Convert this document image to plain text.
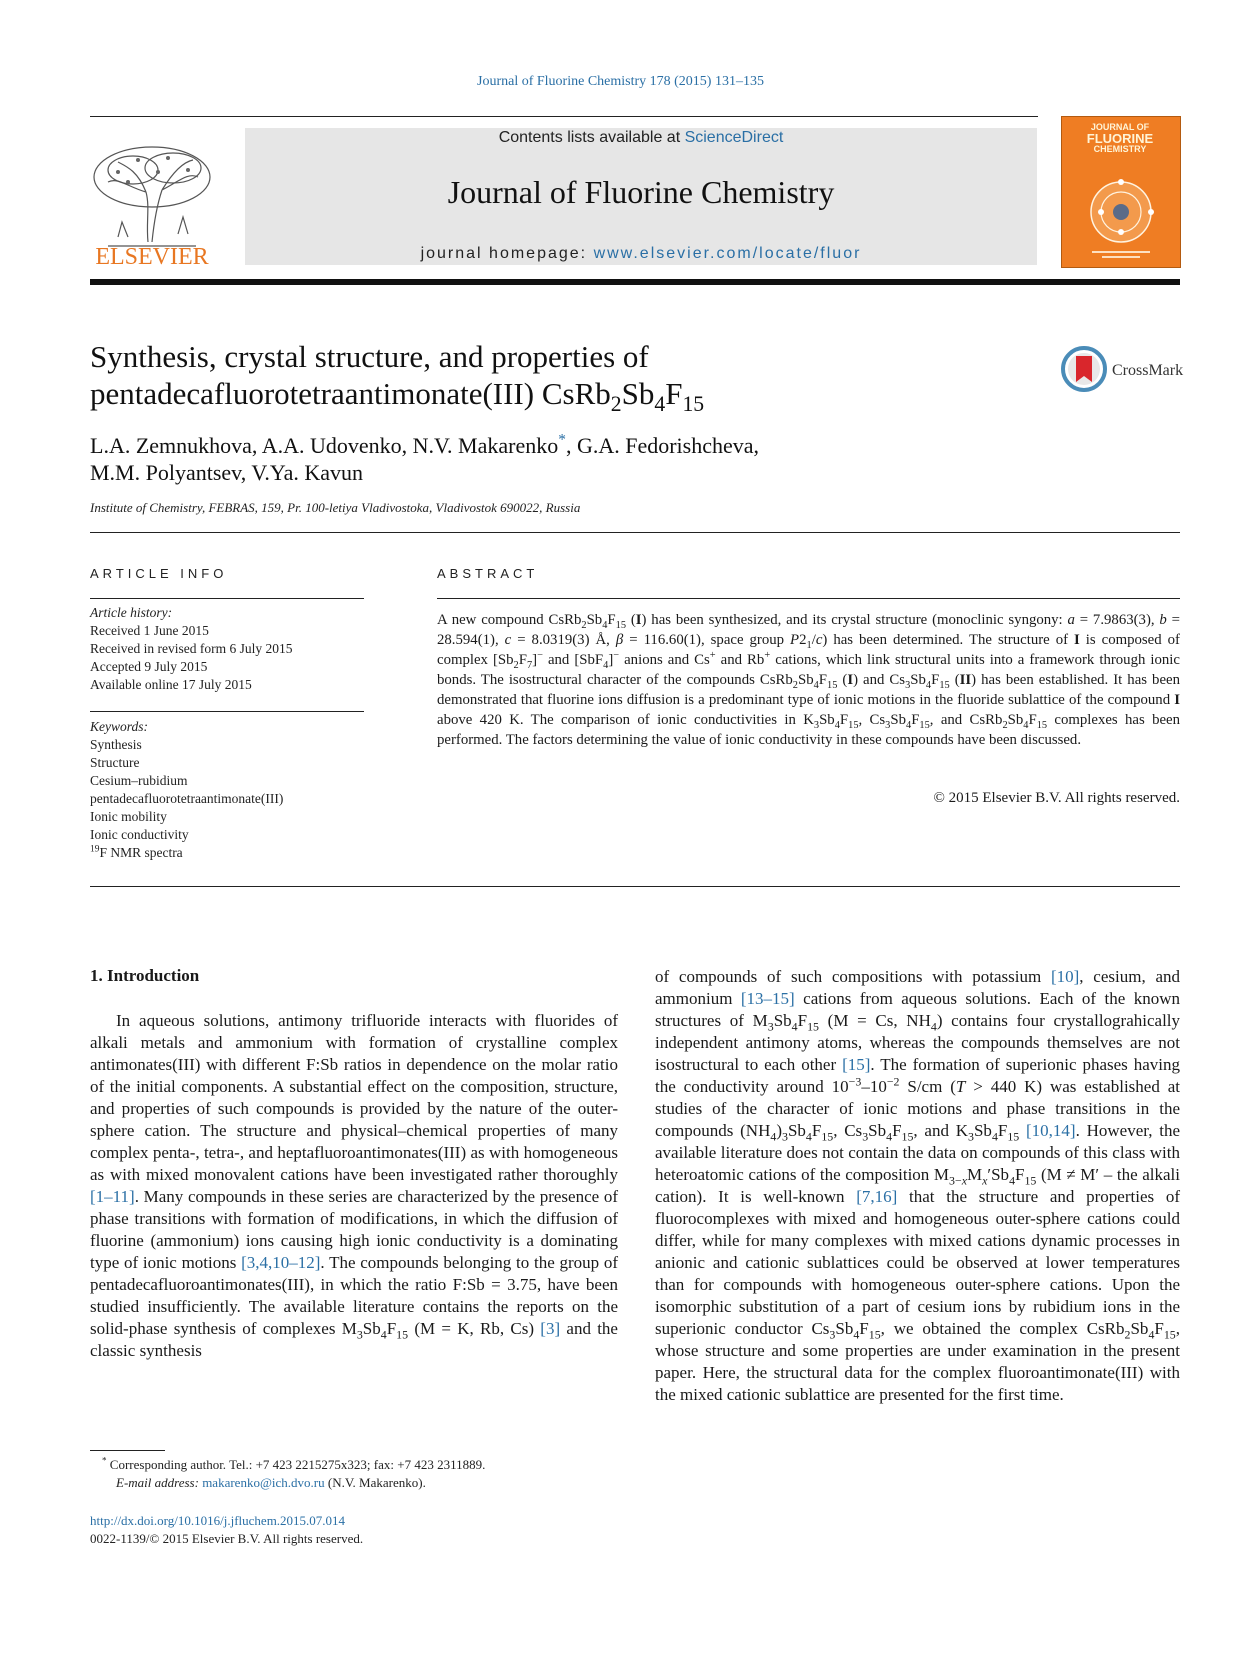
Journal of Fluorine Chemistry 178 (2015) 131–135
ELSEVIER
Contents lists available at ScienceDirect
Journal of Fluorine Chemistry
journal homepage: www.elsevier.com/locate/fluor
JOURNAL OF
FLUORINE
CHEMISTRY
Synthesis, crystal structure, and properties of
pentadecafluorotetraantimonate(III) $CsRb_2Sb_4F_{15}$
CrossMark
L.A. Zemnukhova, A.A. Udovenko, N.V. Makarenko*, G.A. Fedorishcheva,
M.M. Polyantsev, V.Ya. Kavun
Institute of Chemistry, FEBRAS, 159, Pr. 100-letiya Vladivostoka, Vladivostok 690022, Russia
ARTICLE INFO
Article history:
Received 1 June 2015
Received in revised form 6 July 2015
Accepted 9 July 2015
Available online 17 July 2015
Keywords:
Synthesis
Structure
Cesium–rubidium
pentadecafluorotetraantimonate(III)
Ionic mobility
Ionic conductivity
$^{19}$F NMR spectra
ABSTRACT
A new compound $CsRb_2Sb_4F_{15}$ (I) has been synthesized, and its crystal structure (monoclinic syngony: a = 7.9863(3), b = 28.594(1), c = 8.0319(3) Å, β = 116.60(1), space group $P2_1/c$) has been determined. The structure of I is composed of complex $[Sb_2F_7]^-$ and [SbF$_4$]− anions and Cs+ and Rb+ cations, which link structural units into a framework through ionic bonds. The isostructural character of the compounds $CsRb_2Sb_4F_{15}$ (I) and $Cs_3Sb_4F_{15}$ (II) has been established. It has been demonstrated that fluorine ions diffusion is a predominant type of ionic motions in the fluoride sublattice of the compound I above 420 K. The comparison of ionic conductivities in $K_3Sb_4F_{15}$, $Cs_3Sb_4F_{15}$, and $CsRb_2Sb_4F_{15}$ complexes has been performed. The factors determining the value of ionic conductivity in these compounds have been discussed.
© 2015 Elsevier B.V. All rights reserved.
1. Introduction

In aqueous solutions, antimony trifluoride interacts with fluorides of alkali metals and ammonium with formation of crystalline complex antimonates(III) with different F:Sb ratios in dependence on the molar ratio of the initial components. A substantial effect on the composition, structure, and properties of such compounds is provided by the nature of the outer-sphere cation. The structure and physical–chemical properties of many complex penta-, tetra-, and heptafluoroantimonates(III) as with homogeneous as with mixed monovalent cations have been investigated rather thoroughly [1–11]. Many compounds in these series are characterized by the presence of phase transitions with formation of modifications, in which the diffusion of fluorine (ammonium) ions causing high ionic conductivity is a dominating type of ionic motions [3,4,10–12]. The compounds belonging to the group of pentadecafluoroantimonates(III), in which the ratio F:Sb = 3.75, have been studied insufficiently. The available literature contains the reports on the solid-phase synthesis of complexes $M_3Sb_4F_{15}$ (M = K, Rb, Cs) [3] and the classic synthesis

of compounds of such compositions with potassium [10], cesium, and ammonium [13–15] cations from aqueous solutions. Each of the known structures of $M_3Sb_4F_{15}$ (M = Cs, $NH_4$) contains four crystallograhically independent antimony atoms, whereas the compounds themselves are not isostructural to each other [15]. The formation of superionic phases having the conductivity around $10^{-3}-10^{-2}$ S/cm (T > 440 K) was established at studies of the character of ionic motions and phase transitions in the compounds $(NH_4)_3Sb_4F_{15}$, $Cs_3Sb_4F_{15}$, and $K_3Sb_4F_{15}$ [10,14]. However, the available literature does not contain the data on compounds of this class with heteroatomic cations of the composition $M_{3-x}M_x'Sb_4F_{15}$ (M ≠ M′ – the alkali cation). It is well-known [7,16] that the structure and properties of fluorocomplexes with mixed and homogeneous outer-sphere cations could differ, while for many complexes with mixed cations dynamic processes in anionic and cationic sublattices could be observed at lower temperatures than for compounds with homogeneous outer-sphere cations. Upon the isomorphic substitution of a part of cesium ions by rubidium ions in the superionic conductor $Cs_3Sb_4F_{15}$, we obtained the complex $CsRb_2Sb_4F_{15}$, whose structure and some properties are under examination in the present paper. Here, the structural data for the complex fluoroantimonate(III) with the mixed cationic sublattice are presented for the first time.

* Corresponding author. Tel.: +7 423 2215275x323; fax: +7 423 2311889.
E-mail address: makarenko@ich.dvo.ru (N.V. Makarenko).
http://dx.doi.org/10.1016/j.jfluchem.2015.07.014
0022-1139/© 2015 Elsevier B.V. All rights reserved.
